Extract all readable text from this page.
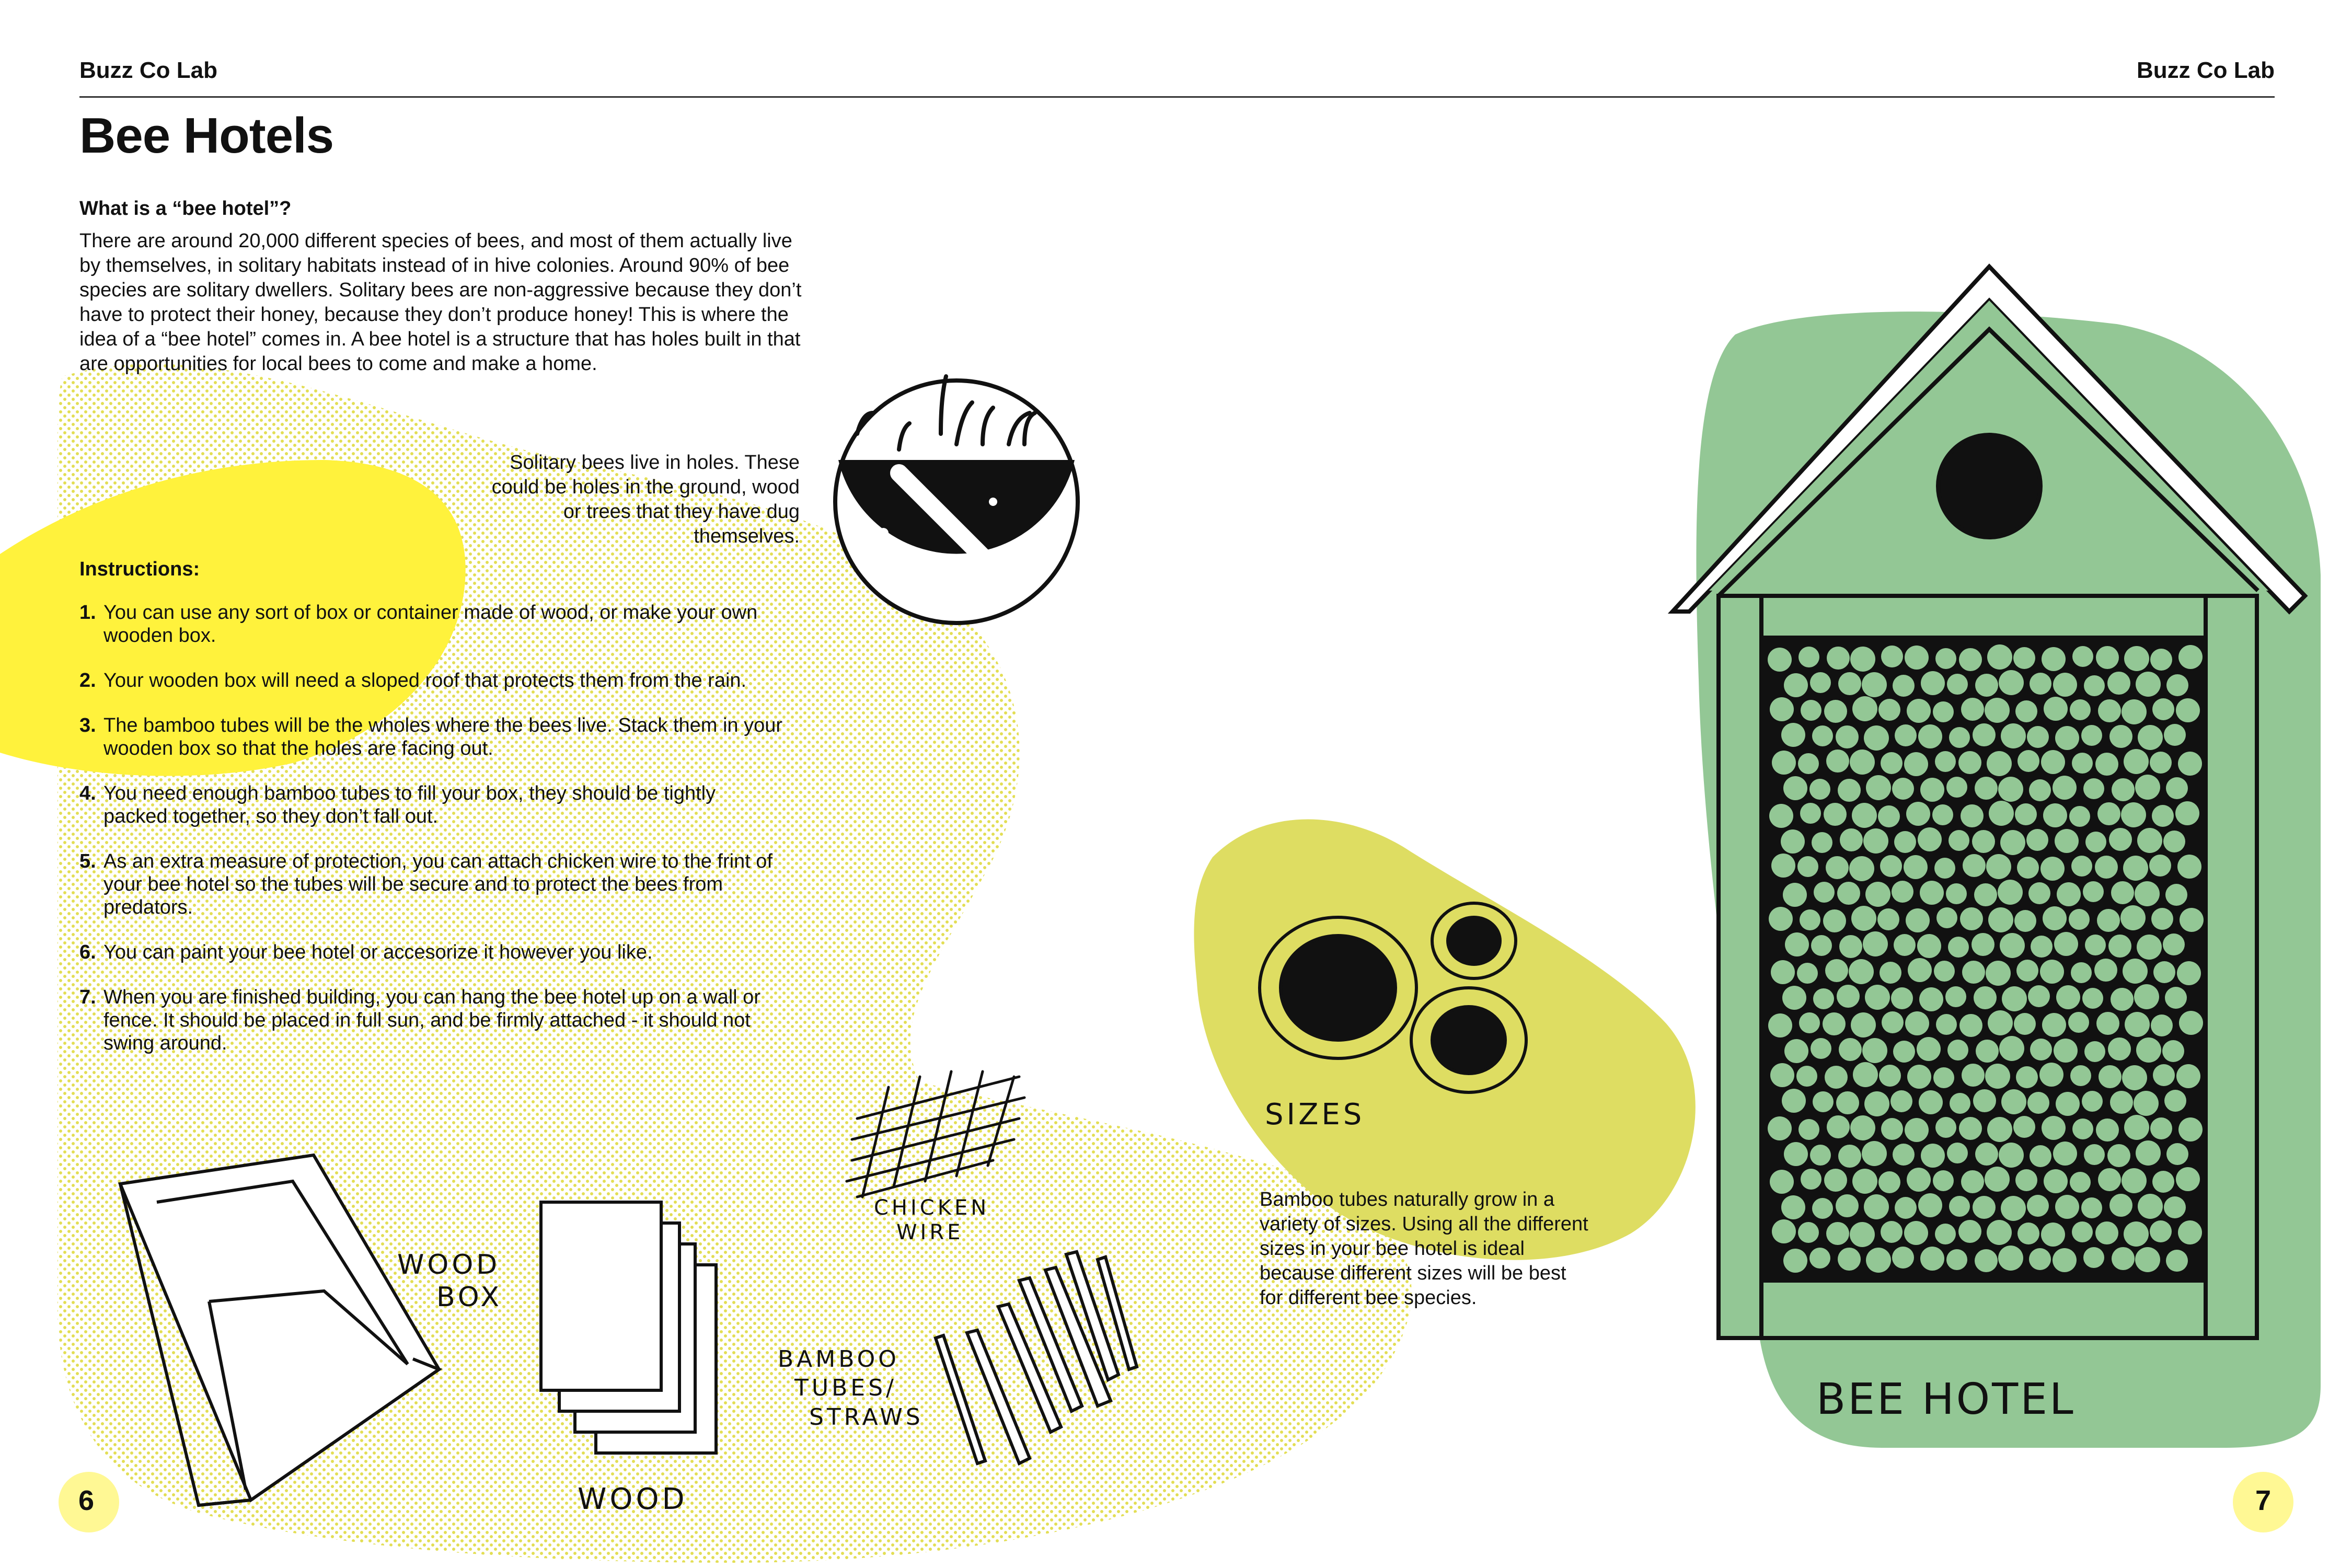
Buzz Co Lab	Buzz Co Lab
Bee Hotels
What is a “bee hotel”?
There are around 20,000 different species of bees, and most of them actually live by themselves, in solitary habitats instead of in hive colonies. Around 90% of bee species are solitary dwellers. Solitary bees are non-aggressive because they don’t have to protect their honey, because they don’t produce honey! This is where the idea of a “bee hotel” comes in. A bee hotel is a structure that has holes built in that are opportunities for local bees to come and make a home.
Solitary bees live in holes. These could be holes in the ground, wood or trees that they have dug themselves.
Instructions:
1. You can use any sort of box or container made of wood, or make your own wooden box.
2. Your wooden box will need a sloped roof that protects them from the rain.
3. The bamboo tubes will be the wholes where the bees live. Stack them in your wooden box so that the holes are facing out.
4. You need enough bamboo tubes to fill your box, they should be tightly packed together, so they don’t fall out.
5. As an extra measure of protection, you can attach chicken wire to the frint of your bee hotel so the tubes will be secure and to protect the bees from predators.
6. You can paint your bee hotel or accesorize it however you like.
7. When you are finished building, you can hang the bee hotel up on a wall or fence. It should be placed in full sun, and be firmly attached - it should not swing around.
WOOD
BOX
WOOD
CHICKEN
WIRE
BAMBOO
TUBES/
STRAWS
SIZES
BEE HOTEL
Bamboo tubes naturally grow in a variety of sizes. Using all the different sizes in your bee hotel is ideal because different sizes will be best for different bee species.
6	7
